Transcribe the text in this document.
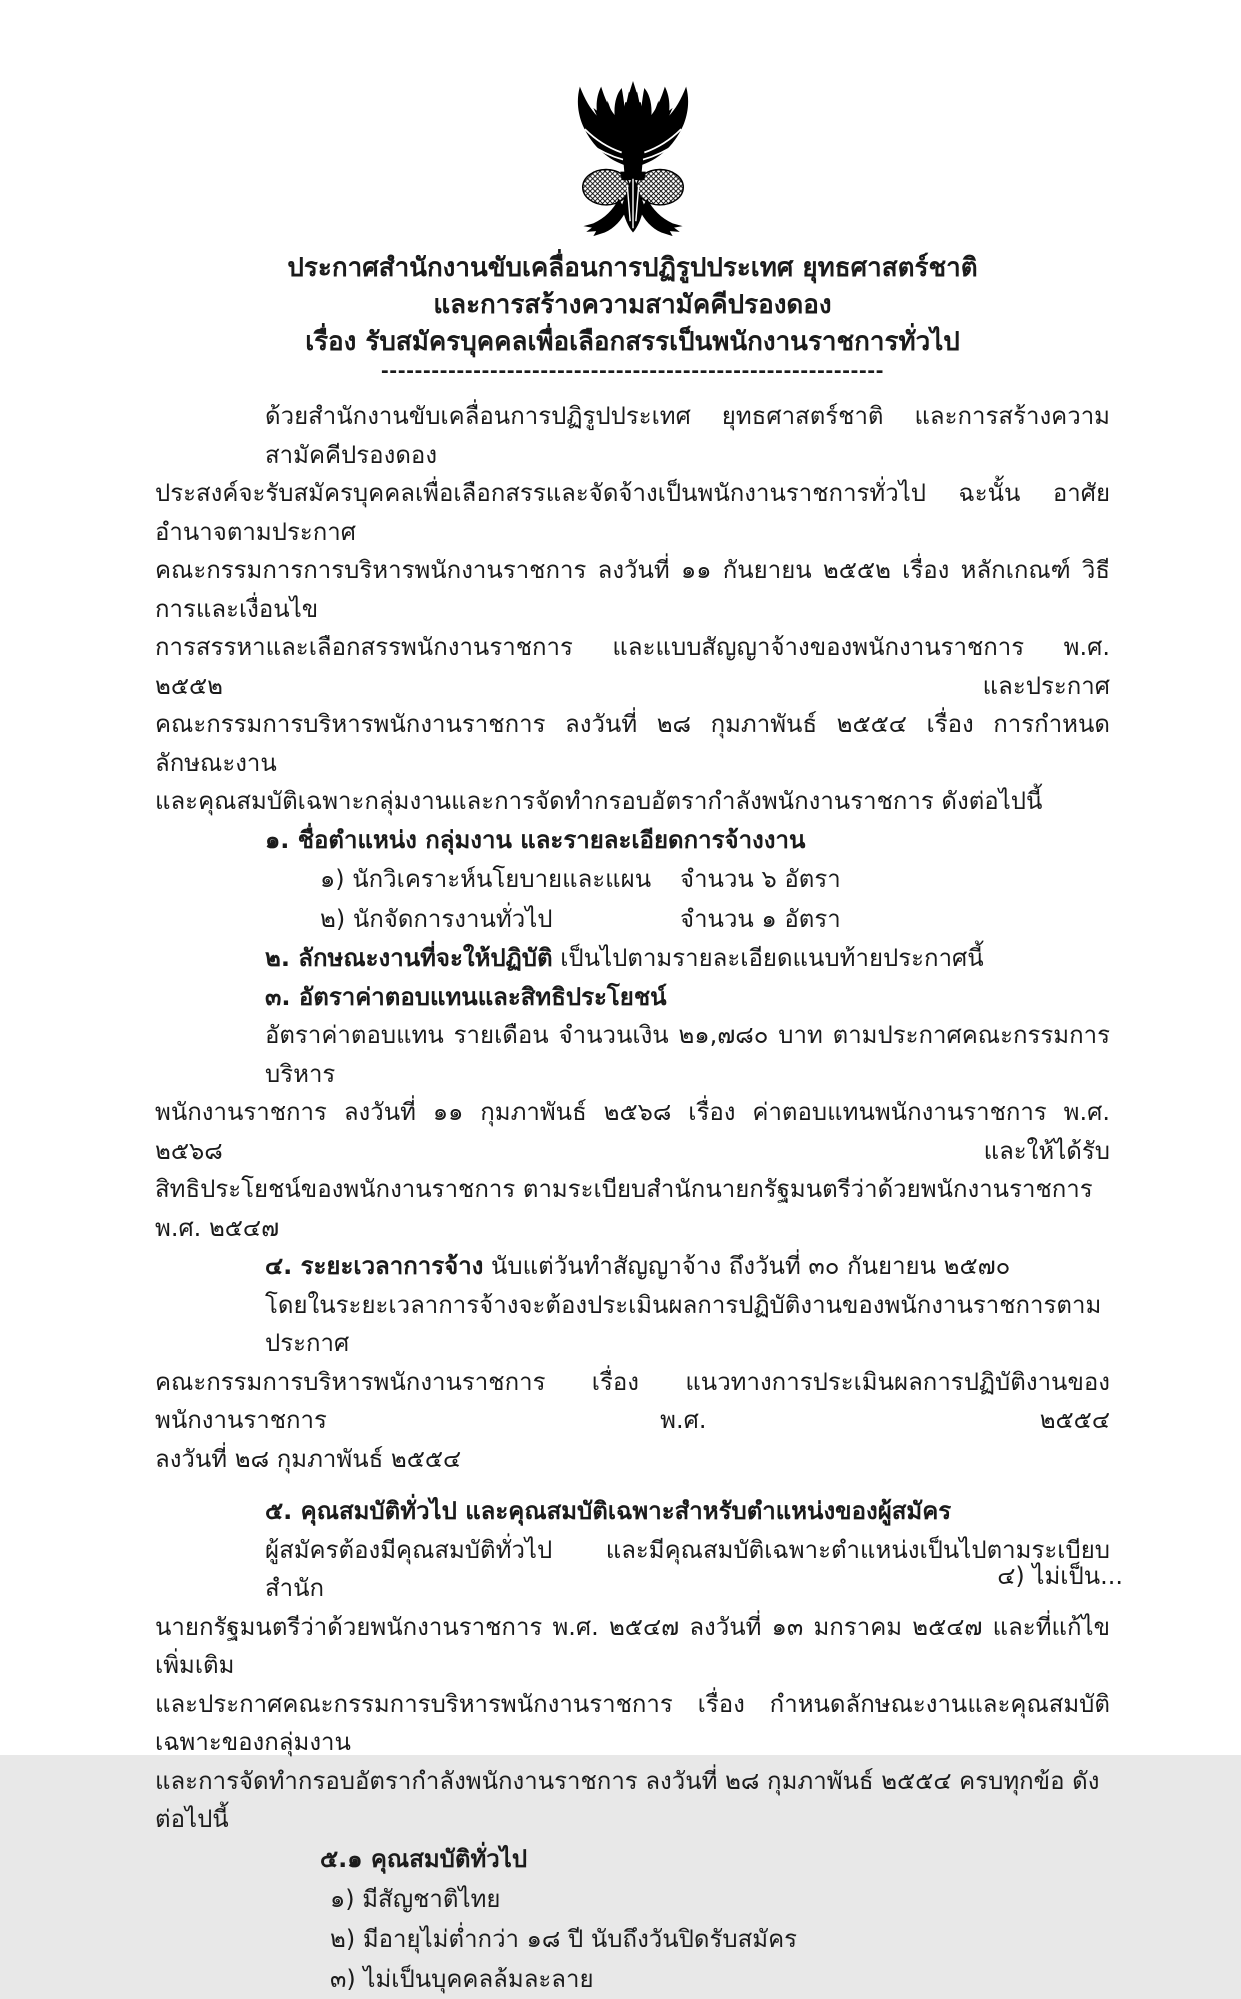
ประกาศสำนักงานขับเคลื่อนการปฏิรูปประเทศ ยุทธศาสตร์ชาติ
และการสร้างความสามัคคีปรองดอง
เรื่อง รับสมัครบุคคลเพื่อเลือกสรรเป็นพนักงานราชการทั่วไป
------------------------------------------------------------
ด้วยสำนักงานขับเคลื่อนการปฏิรูปประเทศ ยุทธศาสตร์ชาติ และการสร้างความสามัคคีปรองดอง
ประสงค์จะรับสมัครบุคคลเพื่อเลือกสรรและจัดจ้างเป็นพนักงานราชการทั่วไป ฉะนั้น อาศัยอำนาจตามประกาศ
คณะกรรมการการบริหารพนักงานราชการ ลงวันที่ ๑๑ กันยายน ๒๕๕๒ เรื่อง หลักเกณฑ์ วิธีการและเงื่อนไข
การสรรหาและเลือกสรรพนักงานราชการ และแบบสัญญาจ้างของพนักงานราชการ พ.ศ. ๒๕๕๒ และประกาศ
คณะกรรมการบริหารพนักงานราชการ ลงวันที่ ๒๘ กุมภาพันธ์ ๒๕๕๔ เรื่อง การกำหนดลักษณะงาน
และคุณสมบัติเฉพาะกลุ่มงานและการจัดทำกรอบอัตรากำลังพนักงานราชการ ดังต่อไปนี้
๑. ชื่อตำแหน่ง กลุ่มงาน และรายละเอียดการจ้างงาน
๑) นักวิเคราะห์นโยบายและแผน	จำนวน ๖ อัตรา
๒) นักจัดการงานทั่วไป	จำนวน ๑ อัตรา
๒. ลักษณะงานที่จะให้ปฏิบัติ เป็นไปตามรายละเอียดแนบท้ายประกาศนี้
๓. อัตราค่าตอบแทนและสิทธิประโยชน์
อัตราค่าตอบแทน รายเดือน จำนวนเงิน ๒๑,๗๘๐ บาท ตามประกาศคณะกรรมการบริหาร
พนักงานราชการ ลงวันที่ ๑๑ กุมภาพันธ์ ๒๕๖๘ เรื่อง ค่าตอบแทนพนักงานราชการ พ.ศ. ๒๕๖๘ และให้ได้รับ
สิทธิประโยชน์ของพนักงานราชการ ตามระเบียบสำนักนายกรัฐมนตรีว่าด้วยพนักงานราชการ พ.ศ. ๒๕๔๗
๔. ระยะเวลาการจ้าง นับแต่วันทำสัญญาจ้าง ถึงวันที่ ๓๐ กันยายน ๒๕๗๐
โดยในระยะเวลาการจ้างจะต้องประเมินผลการปฏิบัติงานของพนักงานราชการตามประกาศ
คณะกรรมการบริหารพนักงานราชการ เรื่อง แนวทางการประเมินผลการปฏิบัติงานของพนักงานราชการ พ.ศ. ๒๕๕๔
ลงวันที่ ๒๘ กุมภาพันธ์ ๒๕๕๔
๕. คุณสมบัติทั่วไป และคุณสมบัติเฉพาะสำหรับตำแหน่งของผู้สมัคร
ผู้สมัครต้องมีคุณสมบัติทั่วไป และมีคุณสมบัติเฉพาะตำแหน่งเป็นไปตามระเบียบสำนัก
นายกรัฐมนตรีว่าด้วยพนักงานราชการ พ.ศ. ๒๕๔๗ ลงวันที่ ๑๓ มกราคม ๒๕๔๗ และที่แก้ไขเพิ่มเติม
และประกาศคณะกรรมการบริหารพนักงานราชการ เรื่อง กำหนดลักษณะงานและคุณสมบัติเฉพาะของกลุ่มงาน
และการจัดทำกรอบอัตรากำลังพนักงานราชการ ลงวันที่ ๒๘ กุมภาพันธ์ ๒๕๕๔ ครบทุกข้อ ดังต่อไปนี้
๕.๑ คุณสมบัติทั่วไป
๑) มีสัญชาติไทย
๒) มีอายุไม่ต่ำกว่า ๑๘ ปี นับถึงวันปิดรับสมัคร
๓) ไม่เป็นบุคคลล้มละลาย
๔) ไม่เป็น...
